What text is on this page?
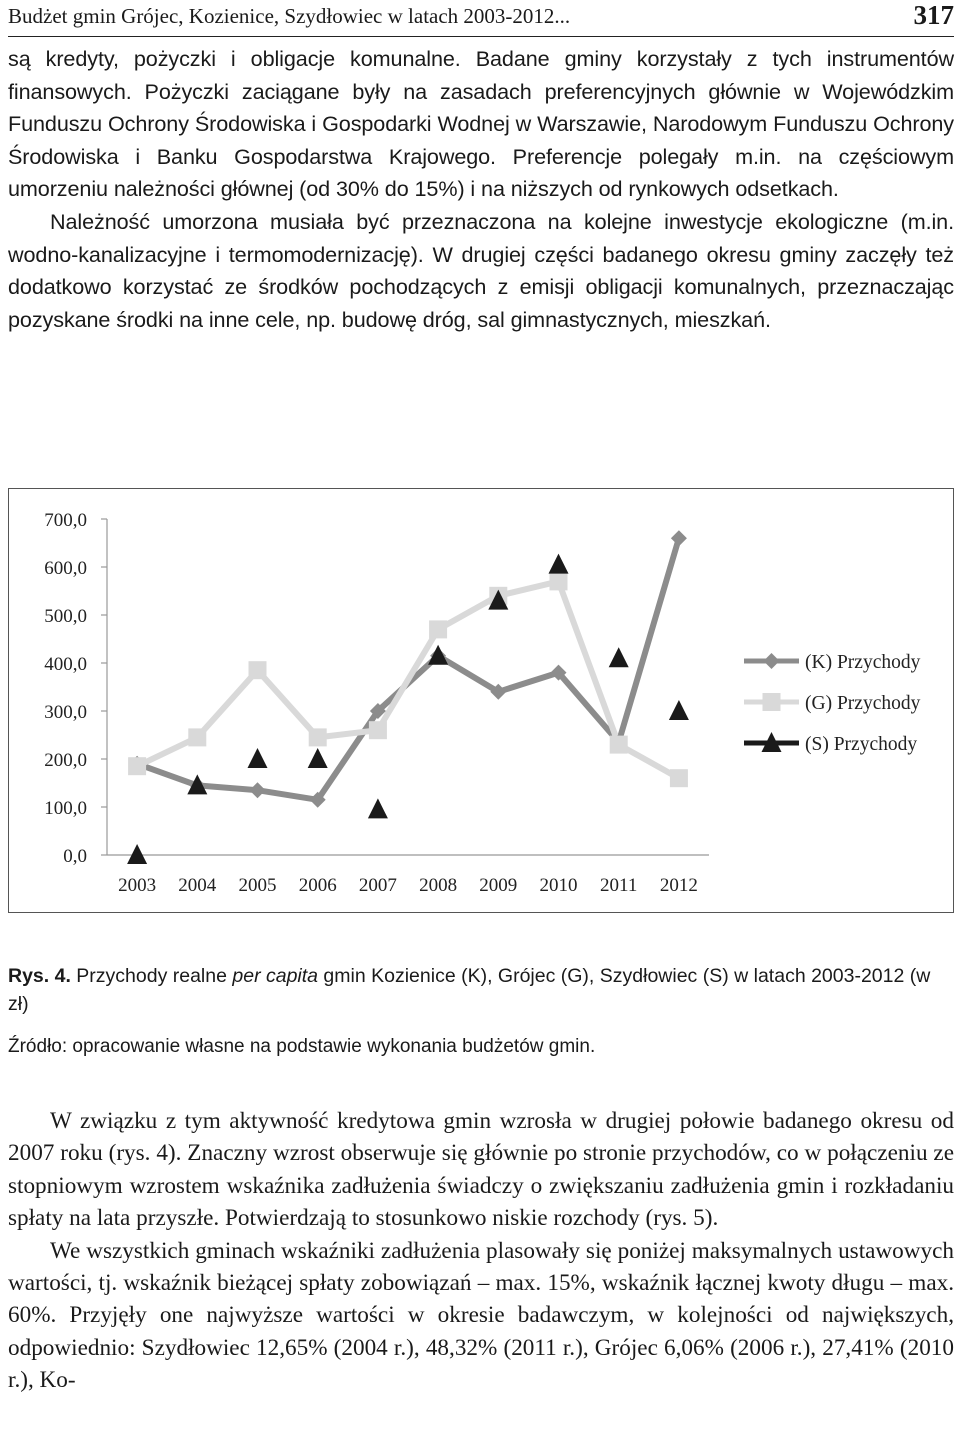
Budżet gmin Grójec, Kozienice, Szydłowiec w latach 2003-2012...	317

są kredyty, pożyczki i obligacje komunalne. Badane gminy korzystały z tych instrumentów finansowych. Pożyczki zaciągane były na zasadach preferencyjnych głównie w Wojewódzkim Funduszu Ochrony Środowiska i Gospodarki Wodnej w Warszawie, Narodowym Funduszu Ochrony Środowiska i Banku Gospodarstwa Krajowego. Preferencje polegały m.in. na częściowym umorzeniu należności głównej (od 30% do 15%) i na niższych od rynkowych odsetkach.

Należność umorzona musiała być przeznaczona na kolejne inwestycje ekologiczne (m.in. wodno-kanalizacyjne i termomodernizację). W drugiej części badanego okresu gminy zaczęły też dodatkowo korzystać ze środków pochodzących z emisji obligacji komunalnych, przeznaczając pozyskane środki na inne cele, np. budowę dróg, sal gimnastycznych, mieszkań.

700,0
600,0
500,0
400,0
300,0
200,0
100,0
0,0
2003 2004 2005 2006 2007 2008 2009 2010 2011 2012
(K) Przychody
(G) Przychody
(S) Przychody
Rys. 4. Przychody realne per capita gmin Kozienice (K), Grójec (G), Szydłowiec (S) w latach 2003-2012 (w zł)
Źródło: opracowanie własne na podstawie wykonania budżetów gmin.

W związku z tym aktywność kredytowa gmin wzrosła w drugiej połowie badanego okresu od 2007 roku (rys. 4). Znaczny wzrost obserwuje się głównie po stronie przychodów, co w połączeniu ze stopniowym wzrostem wskaźnika zadłużenia świadczy o zwiększaniu zadłużenia gmin i rozkładaniu spłaty na lata przyszłe. Potwierdzają to stosunkowo niskie rozchody (rys. 5).

We wszystkich gminach wskaźniki zadłużenia plasowały się poniżej maksymalnych ustawowych wartości, tj. wskaźnik bieżącej spłaty zobowiązań – max. 15%, wskaźnik łącznej kwoty długu – max. 60%. Przyjęły one najwyższe wartości w okresie badawczym, w kolejności od największych, odpowiednio: Szydłowiec 12,65% (2004 r.), 48,32% (2011 r.), Grójec 6,06% (2006 r.), 27,41% (2010 r.), Ko-
